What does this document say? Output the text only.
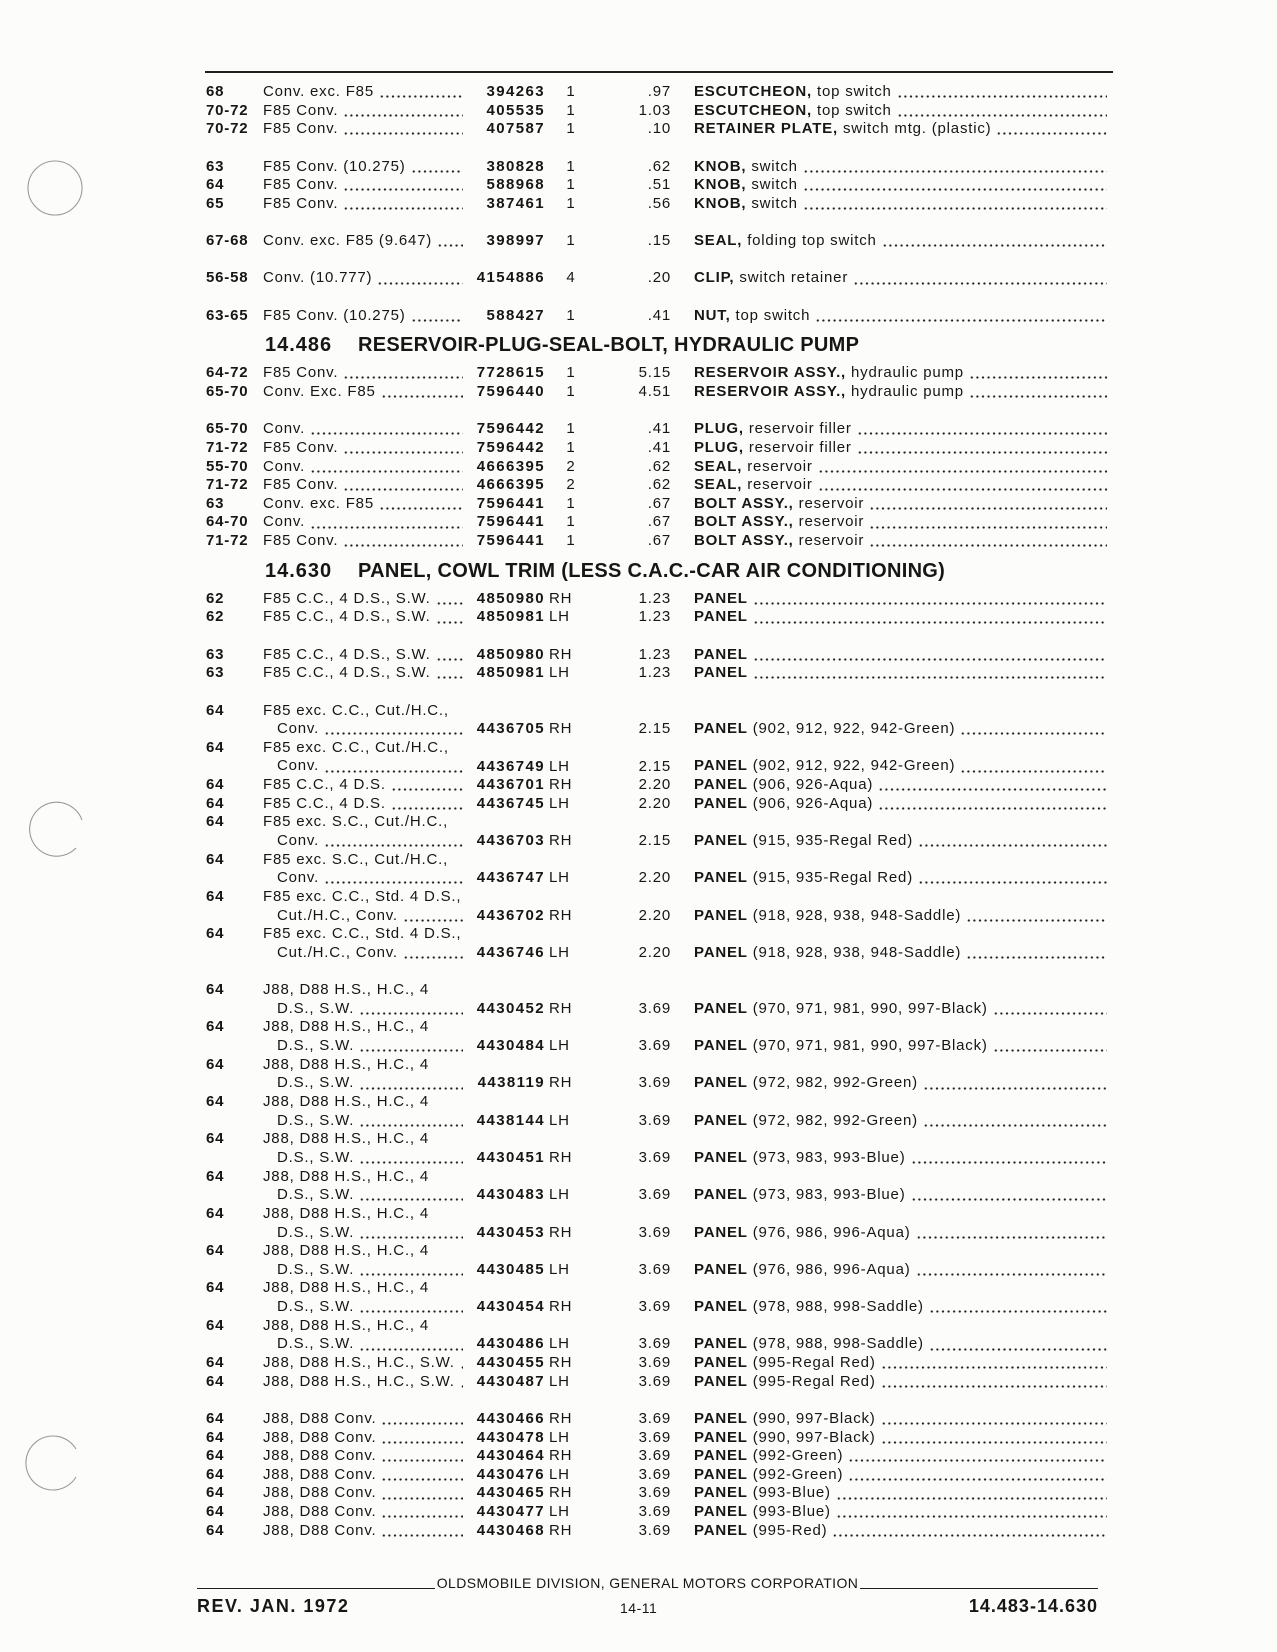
68	Conv. exc. F85	394263	1	.97 ESCUTCHEON, top switch
70-72 F85 Conv.	405535	1	1.03 ESCUTCHEON, top switch
70-72 F85 Conv.	407587	1	.10 RETAINER PLATE, switch mtg. (plastic)
63	F85 Conv. (10.275)	380828	1	.62 KNOB, switch
64	F85 Conv.	588968	1	.51 KNOB, switch
65	F85 Conv.	387461	1	.56 KNOB, switch
67-68 Conv. exc. F85 (9.647)	398997	1	.15 SEAL, folding top switch
56-58 Conv. (10.777)	4154886	4	.20 CLIP, switch retainer
63-65 F85 Conv. (10.275)	588427	1	.41 NUT, top switch
14.486 RESERVOIR-PLUG-SEAL-BOLT, HYDRAULIC PUMP
64-72 F85 Conv.	7728615	1	5.15 RESERVOIR ASSY., hydraulic pump
65-70 Conv. Exc. F85	7596440	1	4.51 RESERVOIR ASSY., hydraulic pump
65-70 Conv.	7596442	1	.41 PLUG, reservoir filler
71-72 F85 Conv.	7596442	1	.41 PLUG, reservoir filler
55-70 Conv.	4666395	2	.62 SEAL, reservoir
71-72 F85 Conv.	4666395	2	.62 SEAL, reservoir
63	Conv. exc. F85	7596441	1	.67 BOLT ASSY., reservoir
64-70 Conv.	7596441	1	.67 BOLT ASSY., reservoir
71-72 F85 Conv.	7596441	1	.67 BOLT ASSY., reservoir
14.630 PANEL, COWL TRIM (LESS C.A.C.-CAR AIR CONDITIONING)
62	F85 C.C., 4 D.S., S.W.	4850980 RH	1.23 PANEL
62	F85 C.C., 4 D.S., S.W.	4850981 LH	1.23 PANEL
63	F85 C.C., 4 D.S., S.W.	4850980 RH	1.23 PANEL
63	F85 C.C., 4 D.S., S.W.	4850981 LH	1.23 PANEL
64	F85 exc. C.C., Cut./H.C.,
Conv.	4436705 RH	2.15 PANEL (902, 912, 922, 942-Green)
64	F85 exc. C.C., Cut./H.C.,
Conv.	4436749 LH	2.15 PANEL (902, 912, 922, 942-Green)
64	F85 C.C., 4 D.S.	4436701 RH	2.20 PANEL (906, 926-Aqua)
64	F85 C.C., 4 D.S.	4436745 LH	2.20 PANEL (906, 926-Aqua)
64	F85 exc. S.C., Cut./H.C.,
Conv.	4436703 RH	2.15 PANEL (915, 935-Regal Red)
64	F85 exc. S.C., Cut./H.C.,
Conv.	4436747 LH	2.20 PANEL (915, 935-Regal Red)
64	F85 exc. C.C., Std. 4 D.S.,
Cut./H.C., Conv.	4436702 RH	2.20 PANEL (918, 928, 938, 948-Saddle)
64	F85 exc. C.C., Std. 4 D.S.,
Cut./H.C., Conv.	4436746 LH	2.20 PANEL (918, 928, 938, 948-Saddle)
64	J88, D88 H.S., H.C., 4
D.S., S.W.	4430452 RH	3.69 PANEL (970, 971, 981, 990, 997-Black)
64	J88, D88 H.S., H.C., 4
D.S., S.W.	4430484 LH	3.69 PANEL (970, 971, 981, 990, 997-Black)
64	J88, D88 H.S., H.C., 4
D.S., S.W.	4438119 RH	3.69 PANEL (972, 982, 992-Green)
64	J88, D88 H.S., H.C., 4
D.S., S.W.	4438144 LH	3.69 PANEL (972, 982, 992-Green)
64	J88, D88 H.S., H.C., 4
D.S., S.W.	4430451 RH	3.69 PANEL (973, 983, 993-Blue)
64	J88, D88 H.S., H.C., 4
D.S., S.W.	4430483 LH	3.69 PANEL (973, 983, 993-Blue)
64	J88, D88 H.S., H.C., 4
D.S., S.W.	4430453 RH	3.69 PANEL (976, 986, 996-Aqua)
64	J88, D88 H.S., H.C., 4
D.S., S.W.	4430485 LH	3.69 PANEL (976, 986, 996-Aqua)
64	J88, D88 H.S., H.C., 4
D.S., S.W.	4430454 RH	3.69 PANEL (978, 988, 998-Saddle)
64	J88, D88 H.S., H.C., 4
D.S., S.W.	4430486 LH	3.69 PANEL (978, 988, 998-Saddle)
64	J88, D88 H.S., H.C., S.W.	4430455 RH	3.69 PANEL (995-Regal Red)
64	J88, D88 H.S., H.C., S.W.	4430487 LH	3.69 PANEL (995-Regal Red)
64	J88, D88 Conv.	4430466 RH	3.69 PANEL (990, 997-Black)
64	J88, D88 Conv.	4430478 LH	3.69 PANEL (990, 997-Black)
64	J88, D88 Conv.	4430464 RH	3.69 PANEL (992-Green)
64	J88, D88 Conv.	4430476 LH	3.69 PANEL (992-Green)
64	J88, D88 Conv.	4430465 RH	3.69 PANEL (993-Blue)
64	J88, D88 Conv.	4430477 LH	3.69 PANEL (993-Blue)
64	J88, D88 Conv.	4430468 RH	3.69 PANEL (995-Red)
OLDSMOBILE DIVISION, GENERAL MOTORS CORPORATION
REV. JAN. 1972	14-11	14.483-14.630
